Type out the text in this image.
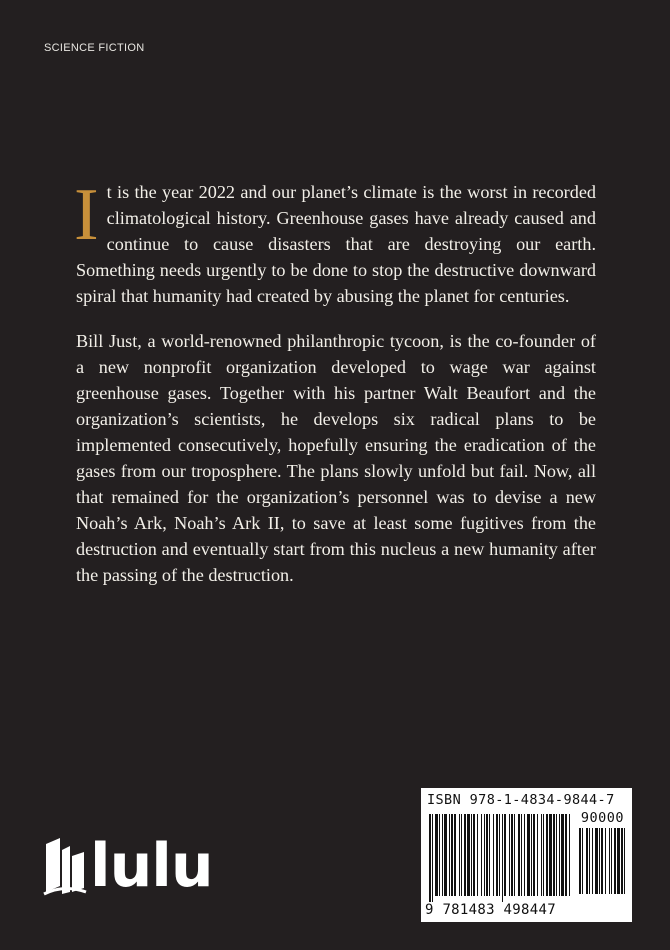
SCIENCE FICTION

It is the year 2022 and our planet’s climate is the worst in recorded climatological history. Greenhouse gases have already caused and continue to cause disasters that are destroying our earth. Something needs urgently to be done to stop the destructive downward spiral that humanity had created by abusing the planet for centuries.

Bill Just, a world-renowned philanthropic tycoon, is the co-founder of a new nonprofit organization developed to wage war against greenhouse gases. Together with his partner Walt Beaufort and the organization’s scientists, he develops six radical plans to be implemented consecutively, hopefully ensuring the eradication of the gases from our troposphere. The plans slowly unfold but fail. Now, all that remained for the organization’s personnel was to devise a new Noah’s Ark, Noah’s Ark II, to save at least some fugitives from the destruction and eventually start from this nucleus a new humanity after the passing of the destruction.

lulu
ISBN 978-1-4834-9844-7
90000
9 781483 498447
